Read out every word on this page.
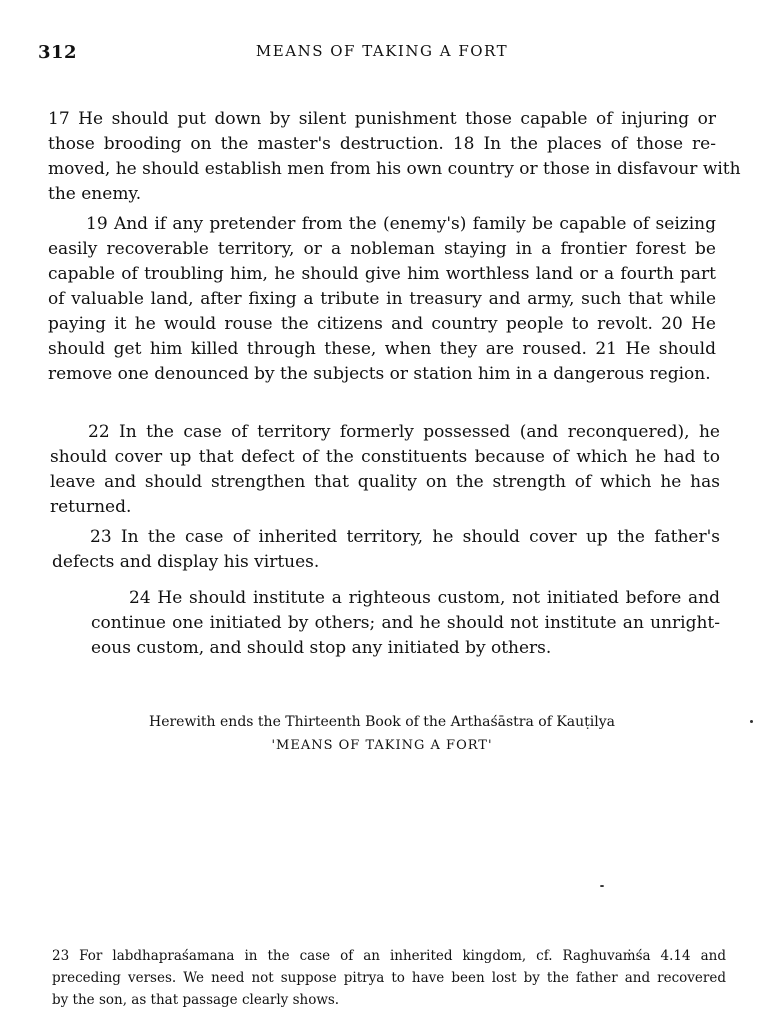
312	MEANS OF TAKING A FORT
17 He should put down by silent punishment those capable of injuring or
those brooding on the master's destruction. 18 In the places of those re-
moved, he should establish men from his own country or those in disfavour with
the enemy.
19 And if any pretender from the (enemy's) family be capable of seizing
easily recoverable territory, or a nobleman staying in a frontier forest be
capable of troubling him, he should give him worthless land or a fourth part
of valuable land, after fixing a tribute in treasury and army, such that while
paying it he would rouse the citizens and country people to revolt. 20 He
should get him killed through these, when they are roused. 21 He should
remove one denounced by the subjects or station him in a dangerous region.
22 In the case of territory formerly possessed (and reconquered), he
should cover up that defect of the constituents because of which he had to
leave and should strengthen that quality on the strength of which he has
returned.
23 In the case of inherited territory, he should cover up the father's
defects and display his virtues.
24 He should institute a righteous custom, not initiated before and
continue one initiated by others; and he should not institute an unright-
eous custom, and should stop any initiated by others.
Herewith ends the Thirteenth Book of the Arthaśāstra of Kauṭilya
'MEANS OF TAKING A FORT'
23 For labdhapraśamana in the case of an inherited kingdom, cf. Raghuvaṁśa 4.14 and
preceding verses. We need not suppose pitrya to have been lost by the father and recovered
by the son, as that passage clearly shows.
